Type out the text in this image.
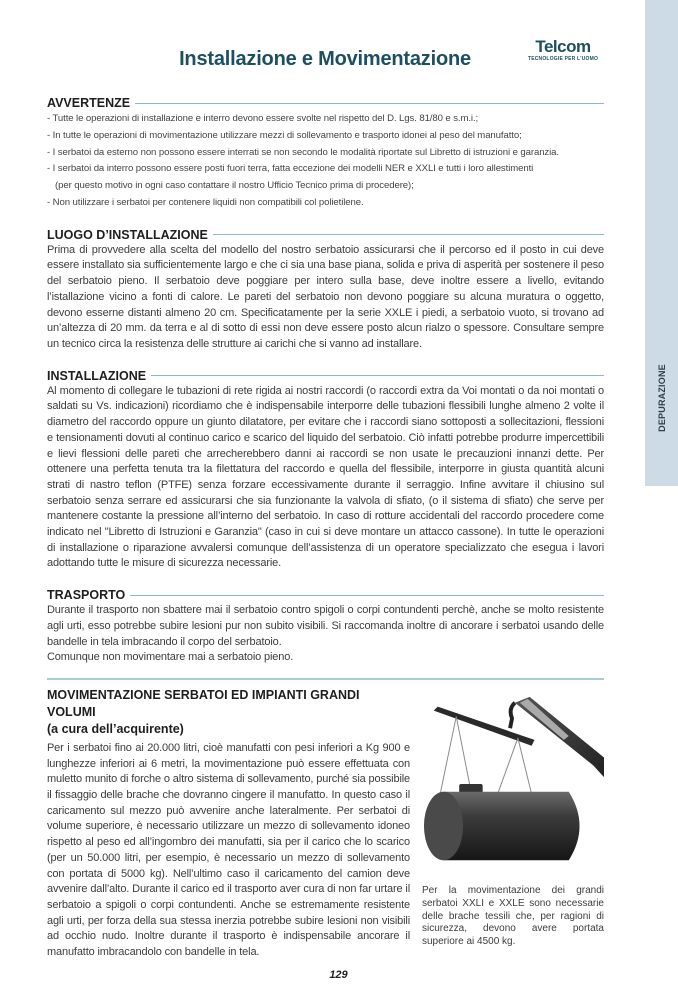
DEPURAZIONE
Installazione e Movimentazione
Telcom
TECNOLOGIE PER L'UOMO
AVVERTENZE
- Tutte le operazioni di installazione e interro devono essere svolte nel rispetto del D. Lgs. 81/80 e s.m.i.;
- In tutte le operazioni di movimentazione utilizzare mezzi di sollevamento e trasporto idonei al peso del manufatto;
- I serbatoi da esterno non possono essere interrati se non secondo le modalità riportate sul Libretto di istruzioni e garanzia.
- I serbatoi da interro possono essere posti fuori terra, fatta eccezione dei modelli NER e XXLI e tutti i loro allestimenti
(per questo motivo in ogni caso contattare il nostro Ufficio Tecnico prima di procedere);
- Non utilizzare i serbatoi per contenere liquidi non compatibili col polietilene.
LUOGO D’INSTALLAZIONE
Prima di provvedere alla scelta del modello del nostro serbatoio assicurarsi che il percorso ed il posto in cui deve essere installato sia sufficientemente largo e che ci sia una base piana, solida e priva di asperità per sostenere il peso del serbatoio pieno. Il serbatoio deve poggiare per intero sulla base, deve inoltre essere a livello, evitando l’istallazione vicino a fonti di calore. Le pareti del serbatoio non devono poggiare su alcuna muratura o oggetto, devono esserne distanti almeno 20 cm. Specificatamente per la serie XXLE i piedi, a serbatoio vuoto, si trovano ad un’altezza di 20 mm. da terra e al di sotto di essi non deve essere posto alcun rialzo o spessore. Consultare sempre un tecnico circa la resistenza delle strutture ai carichi che si vanno ad installare.
INSTALLAZIONE
Al momento di collegare le tubazioni di rete rigida ai nostri raccordi (o raccordi extra da Voi montati o da noi montati o saldati su Vs. indicazioni) ricordiamo che è indispensabile interporre delle tubazioni flessibili lunghe almeno 2 volte il diametro del raccordo oppure un giunto dilatatore, per evitare che i raccordi siano sottoposti a sollecitazioni, flessioni e tensionamenti dovuti al continuo carico e scarico del liquido del serbatoio. Ciò infatti potrebbe produrre impercettibili e lievi flessioni delle pareti che arrecherebbero danni ai raccordi se non usate le precauzioni innanzi dette. Per ottenere una perfetta tenuta tra la filettatura del raccordo e quella del flessibile, interporre in giusta quantità alcuni strati di nastro teflon (PTFE) senza forzare eccessivamente durante il serraggio. Infine avvitare il chiusino sul serbatoio senza serrare ed assicurarsi che sia funzionante la valvola di sfiato, (o il sistema di sfiato) che serve per mantenere costante la pressione all’interno del serbatoio. In caso di rotture accidentali del raccordo procedere come indicato nel "Libretto di Istruzioni e Garanzia" (caso in cui si deve montare un attacco cassone). In tutte le operazioni di installazione o riparazione avvalersi comunque dell’assistenza di un operatore specializzato che esegua i lavori adottando tutte le misure di sicurezza necessarie.
TRASPORTO
Durante il trasporto non sbattere mai il serbatoio contro spigoli o corpi contundenti perchè, anche se molto resistente agli urti, esso potrebbe subire lesioni pur non subito visibili. Si raccomanda inoltre di ancorare i serbatoi usando delle bandelle in tela imbracando il corpo del serbatoio.
Comunque non movimentare mai a serbatoio pieno.
MOVIMENTAZIONE SERBATOI ED IMPIANTI GRANDI VOLUMI
(a cura dell’acquirente)
Per i serbatoi fino ai 20.000 litri, cioè manufatti con pesi inferiori a Kg 900 e lunghezze inferiori ai 6 metri, la movimentazione può essere effettuata con muletto munito di forche o altro sistema di sollevamento, purché sia possibile il fissaggio delle brache che dovranno cingere il manufatto. In questo caso il caricamento sul mezzo può avvenire anche lateralmente. Per serbatoi di volume superiore, è necessario utilizzare un mezzo di sollevamento idoneo rispetto al peso ed all’ingombro dei manufatti, sia per il carico che lo scarico (per un 50.000 litri, per esempio, è necessario un mezzo di sollevamento con portata di 5000 kg). Nell’ultimo caso il caricamento del camion deve avvenire dall’alto. Durante il carico ed il trasporto aver cura di non far urtare il serbatoio a spigoli o corpi contundenti. Anche se estremamente resistente agli urti, per forza della sua stessa inerzia potrebbe subire lesioni non visibili ad occhio nudo. Inoltre durante il trasporto è indispensabile ancorare il manufatto imbracandolo con bandelle in tela.
Per la movimentazione dei grandi serbatoi XXLI e XXLE sono necessarie delle brache tessili che, per ragioni di sicurezza, devono avere portata superiore ai 4500 kg.
129
